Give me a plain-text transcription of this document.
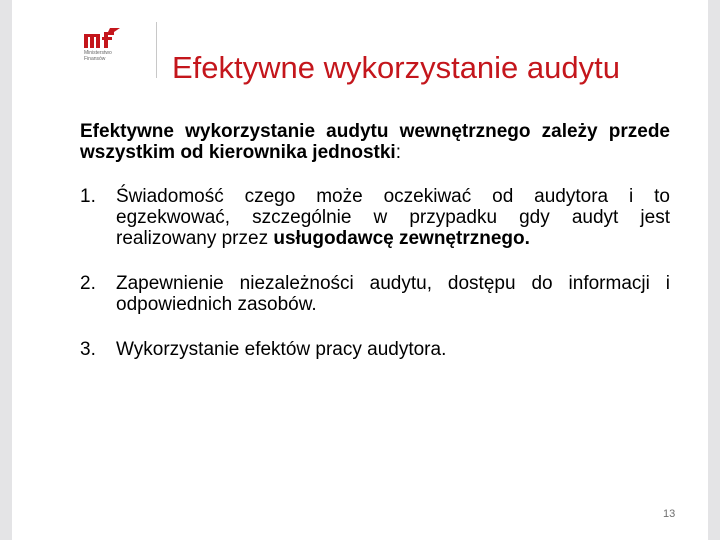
Ministerstwo
Finansów Efektywne wykorzystanie audytu
Efektywne wykorzystanie audytu wewnętrznego zależy przede wszystkim od kierownika jednostki:
1. Świadomość czego może oczekiwać od audytora i to egzekwować, szczególnie w przypadku gdy audyt jest realizowany przez usługodawcę zewnętrznego.
2. Zapewnienie niezależności audytu, dostępu do informacji i odpowiednich zasobów.
3. Wykorzystanie efektów pracy audytora.
13
